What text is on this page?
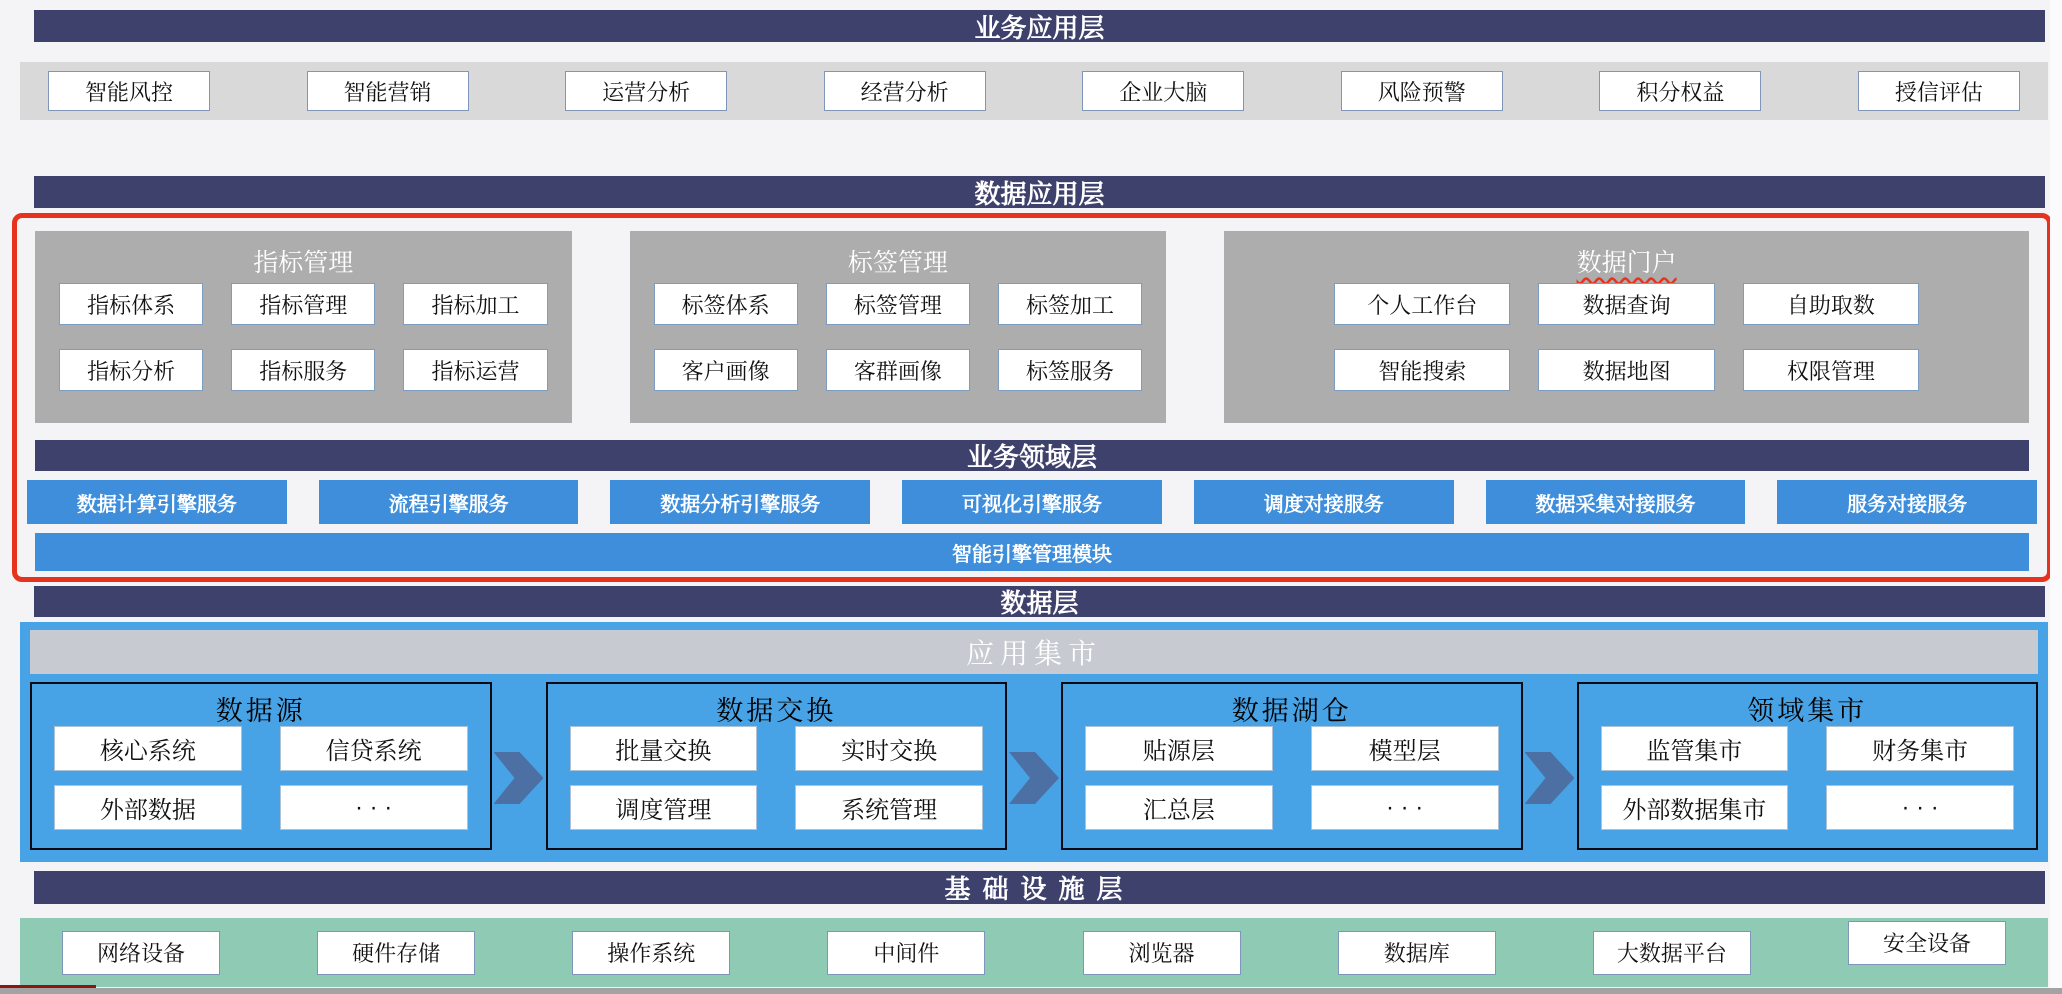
业务应用层
智能风控	智能营销	运营分析	经营分析	企业大脑	风险预警	积分权益	授信评估
数据应用层
指标管理
指标体系	指标管理	指标加工
指标分析	指标服务	指标运营
标签管理
标签体系	标签管理	标签加工
客户画像	客群画像	标签服务
数据门户
个人工作台	数据查询	自助取数
智能搜索	数据地图	权限管理
业务领域层
数据计算引擎服务	流程引擎服务	数据分析引擎服务	可视化引擎服务	调度对接服务	数据采集对接服务	服务对接服务
智能引擎管理模块
数据层
应用集市
数据源
核心系统	信贷系统
外部数据	· · ·
数据交换
批量交换	实时交换
调度管理	系统管理
数据湖仓
贴源层	模型层
汇总层	· · ·
领域集市
监管集市	财务集市
外部数据集市	· · ·
基础设施层
网络设备	硬件存储	操作系统	中间件	浏览器	数据库	大数据平台	安全设备
